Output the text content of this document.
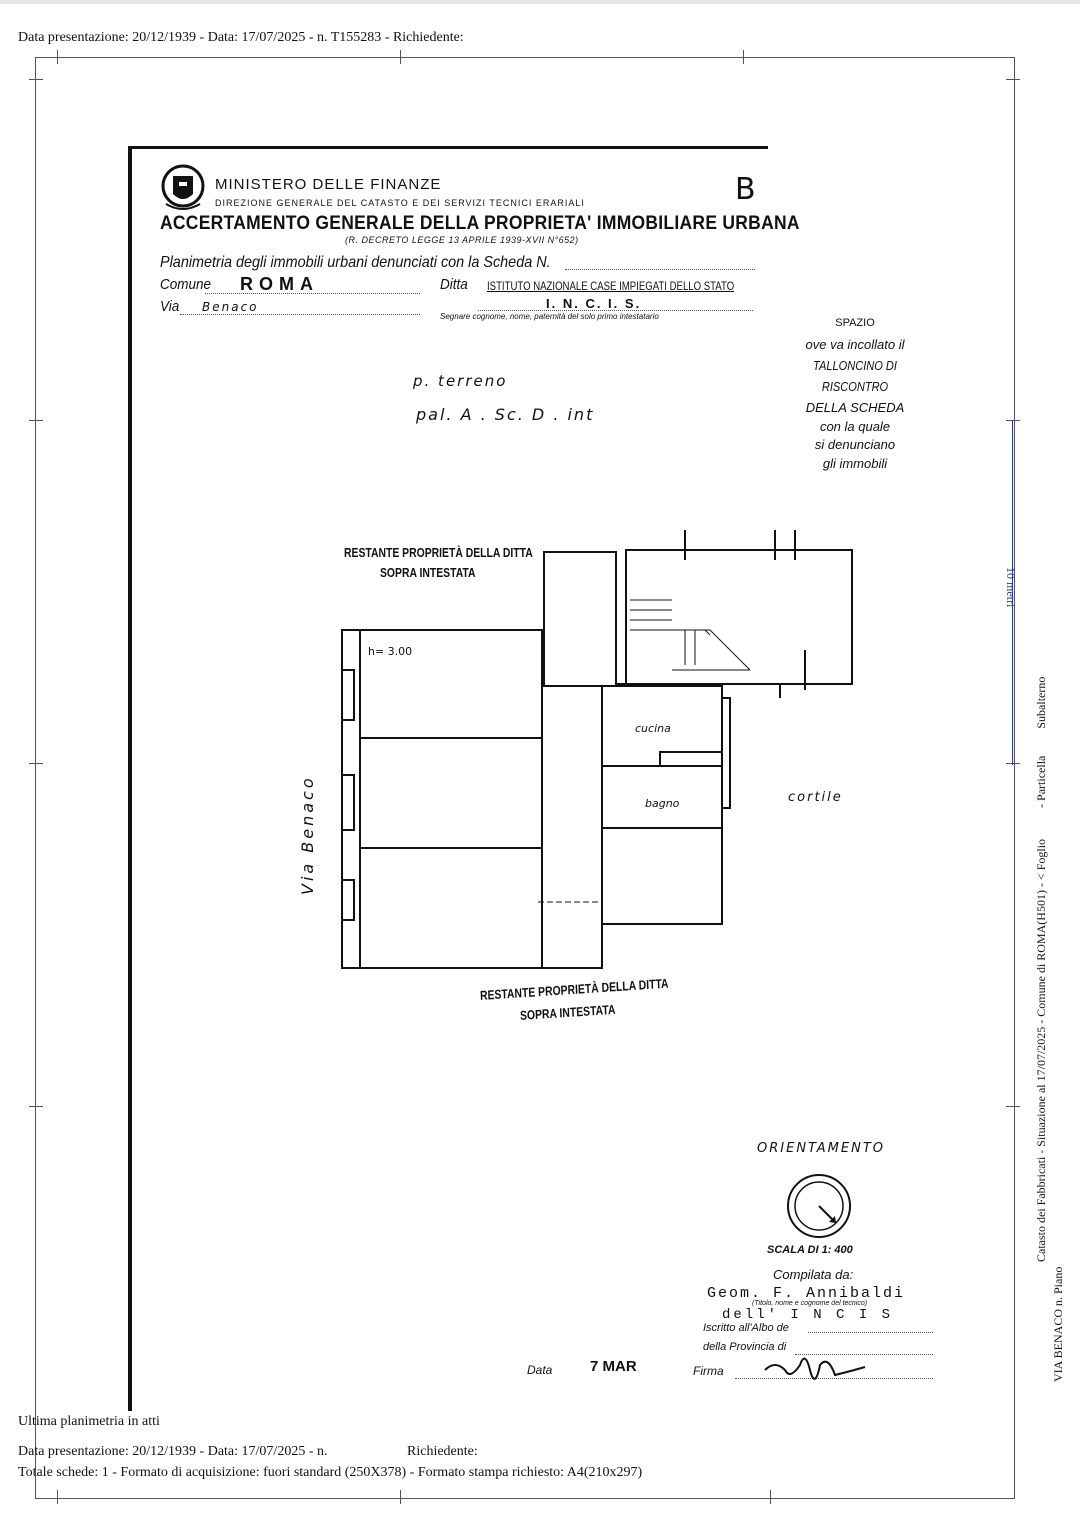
Data presentazione: 20/12/1939 - Data: 17/07/2025 - n. T155283 - Richiedente:
MINISTERO DELLE FINANZE
DIREZIONE GENERALE DEL CATASTO E DEI SERVIZI TECNICI ERARIALI
ACCERTAMENTO GENERALE DELLA PROPRIETA' IMMOBILIARE URBANA
(R. DECRETO LEGGE 13 APRILE 1939-XVII N°652)
B
Planimetria degli immobili urbani denunciati con la Scheda N.
Comune ROMA	Ditta ISTITUTO NAZIONALE CASE IMPIEGATI DELLO STATO
I. N. C. I. S.
Segnare cognome, nome, paternità del solo primo intestatario
Via Benaco
SPAZIO
ove va incollato il
TALLONCINO DI RISCONTRO
DELLA SCHEDA
con la quale
si denunciano
gli immobili
p. terreno
pal. A . Sc. D . int
RESTANTE PROPRIETÀ DELLA DITTA
SOPRA INTESTATA
h= 3.00
cucina
bagno	cortile
Via Benaco
RESTANTE PROPRIETÀ DELLA DITTA
SOPRA INTESTATA
ORIENTAMENTO
SCALA DI 1: 400
Compilata da:
Geom. F. Annibaldi
(Titolo, nome e cognome del tecnico)
dell' I N C I S
Iscritto all'Albo de
della Provincia di
Data	7 MAR	Firma
10 metri
Catasto dei Fabbricati - Situazione al 17/07/2025 - Comune di ROMA(H501) - < Foglio - Particella Subalterno
VIA BENACO n. Piano
Ultima planimetria in atti
Data presentazione: 20/12/1939 - Data: 17/07/2025 - n.	Richiedente:
Totale schede: 1 - Formato di acquisizione: fuori standard (250X378) - Formato stampa richiesto: A4(210x297)
